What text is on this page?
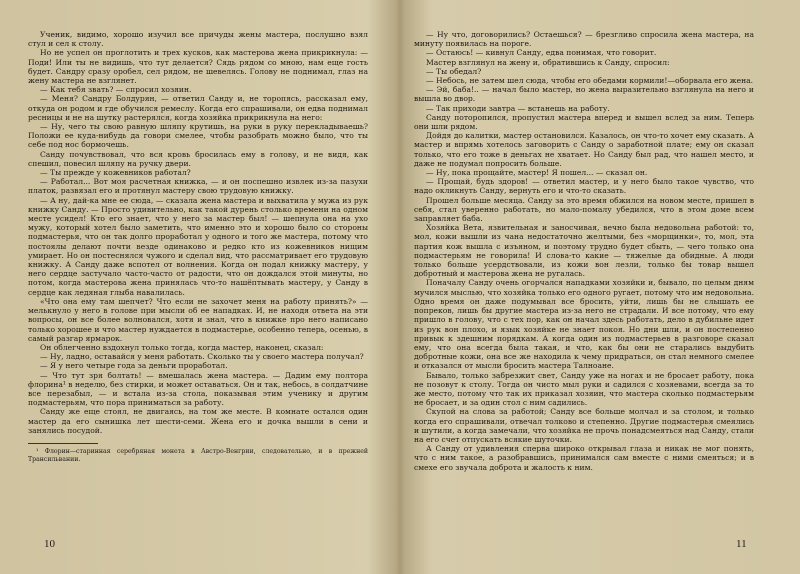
Ученик, видимо, хорошо изучил все причуды жены мастера, послушно взял стул и сел к столу.

Но не успел он проглотить и трех кусков, как мастерова жена прикрикнула: — Поди! Или ты не видишь, что тут делается? Сядь рядом со мною, нам еще гость будет. Сандру сразу оробел, сел рядом, не шевелясь. Голову не поднимал, глаз на жену мастера не взглянет.

— Как тебя звать? — спросил хозяин.

— Меня? Сандру Болдурян, — ответил Санду и, не торопясь, рассказал ему, откуда он родом и где обучился ремеслу. Когда его спрашивали, он едва поднимал ресницы и не на шутку растерялся, когда хозяйка прикрикнула на него:

— Ну, чего ты свою равную шляпу крутишь, на руки в руку перекладываешь? Положи ее куда-нибудь да говори смелее, чтобы разобрать можно было, что ты себе под нос бормочешь.

Санду почувствовал, что вся кровь бросилась ему в голову, и не видя, как спешил, повесил шляпу на ручку двери.

— Ты прежде у кожевников работал?

— Работал... Вот моя расчетная книжка, — и он поспешно извлек из-за пазухи платок, развязал его и протянул мастеру свою трудовую книжку.

— А ну, дай-ка мне ее сюда, — сказала жена мастера и выхватила у мужа из рук книжку Санду. — Просто удивительно, как такой дурень столько времени на одном месте усидел! Кто его знает, что у него за мастер был! — шепнула она на ухо мужу, который хотел было заметить, что именно это и хорошо было со стороны подмастерья, что он так долго проработал у одного и того же мастера, потому что постоялы делают почти везде одинаково и редко кто из кожевников нищим умирает. Но он постеснялся чужого и сделал вид, что рассматривает его трудовую книжку. А Санду даже вспотел от волнения. Когда он подал книжку мастеру, у него сердце застучало часто-часто от радости, что он дождался этой минуты, но потом, когда мастерова жена принялась что-то нашёптывать мастеру, у Санду в сердце как ледяная глыба навалилась.

«Что она ему там шепчет? Что если не захочет меня на работу принять?» — мелькнуло у него в голове при мысли об ее нападках. И, не находя ответа на эти вопросы, он все более волновался, хотя и знал, что в книжке про него написано только хорошее и что мастер нуждается в подмастерье, особенно теперь, осенью, в самый разгар ярмарок.

Он облегченно вздохнул только тогда, когда мастер, наконец, сказал:

— Ну, ладно, оставайся у меня работать. Сколько ты у своего мастера получал?

— Я у него четыре года за деньги проработал.

— Что тут зря болтать! — вмешалась жена мастера. — Дадим ему полтора флорина¹ в неделю, без стирки, и может оставаться. Он и так, небось, в солдатчине все перезабыл, — и встала из-за стола, показывая этим ученику и другим подмастерьям, что пора приниматься за работу.

Санду же еще стоял, не двигаясь, на том же месте. В комнате остался один мастер да его сынишка лет шести-семи. Жена его и дочка вышли в сени и занялись посудой.

¹ Флорин—старинная серебряная монета в Австро-Венгрии, следовательно, и в прежней Трансильвании.

10

— Ну что, договорились? Остаешься? — брезгливо спросила жена мастера, на минуту появилась на пороге.

— Остаюсь! — кивнул Санду, едва понимая, что говорит.

Мастер взглянул на жену и, обратившись к Санду, спросил:

— Ты обедал?

— Небось, не затем шел сюда, чтобы его обедами кормили!—оборвала его жена.

— Эй, баба!.. — начал было мастер, но жена выразительно взглянула на него и вышла во двор.

— Так приходи завтра — встанешь на работу.

Санду поторопился, пропустил мастера вперед и вышел вслед за ним. Теперь они шли рядом.

Дойдя до калитки, мастер остановился. Казалось, он что-то хочет ему сказать. А мастер и впрямь хотелось заговорить с Санду о заработной плате; ему он сказал только, что его тоже в деньгах не хватает. Но Санду был рад, что нашел место, и даже не подумал попросить больше.

— Ну, пока прощайте, мастер! Я пошел... — сказал он.

— Прощай, будь здоров! — ответил мастер, и у него было такое чувство, что надо окликнуть Санду, вернуть его и что-то сказать.

Прошел больше месяца. Санду за это время обжился на новом месте, пришел в себя, стал уверенно работать, но мало-помалу убедился, что в этом доме всем заправляет баба.

Хозяйка Вета, язвительная и заносчивая, вечно была недовольна работой: то, мол, кожи вышли из чана недостаточно желтыми, без «морщинки», то, мол, эта партия кож вышла с изъяном, и поэтому трудно будет сбыть, — чего только она подмастерьям не говорила! И слова-то какие — тяжелые да обидные. А люди только больше усердствовали, из кожи вон лезли, только бы товар вышел добротный и мастерова жена не ругалась.

Поначалу Санду очень огорчался нападками хозяйки и, бывало, по целым дням мучился мыслью, что хозяйка только его одного ругает, потому что им недовольна. Одно время он даже подумывал все бросить, уйти, лишь бы не слышать ее попреков, лишь бы другие мастера из-за него не страдали. И все потому, что ему пришло в голову, что с тех пор, как он начал здесь работать, дело в дубильне идет из рук вон плохо, и язык хозяйке не знает покоя. Но дни шли, и он постепенно привык к здешним порядкам. А когда один из подмастерьев в разговоре сказал ему, что она всегда была такая, и что, как бы они не старались выдубить добротные кожи, она все же находила к чему придраться, он стал немного смелее и отказался от мысли бросить мастера Талноане.

Бывало, только забрезжит свет, Санду уже на ногах и не бросает работу, пока не позовут к столу. Тогда он чисто мыл руки и садился с хозяевами, всегда за то же место, потому что так их приказал хозяин, что мастера сколько подмастерьям не бросает, и за один стол с ним садились.

Скупой на слова за работой; Санду все больше молчал и за столом, и только когда его спрашивали, отвечал толково и степенно. Другие подмастерья смеялись и шутили, а когда замечали, что хозяйка не прочь понадсмеяться над Санду, стали на его счет отпускать всякие шуточки.

А Санду от удивления сперва широко открывал глаза и никак не мог понять, что с ним такое, а разобравшись, принимался сам вместе с ними смеяться; и в смехе его звучала доброта и жалость к ним.

11
